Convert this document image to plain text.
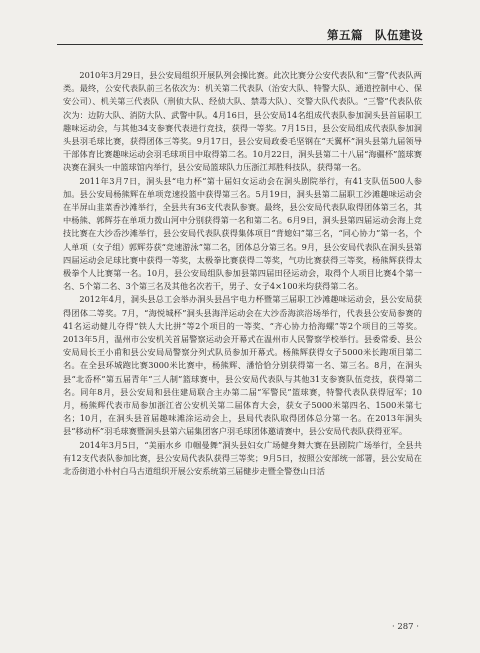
第五篇  队伍建设

2010年3月29日，县公安局组织开展队列会操比赛。此次比赛分公安代表队和“三警”代表队两类。最终，公安代表队前三名依次为：机关第二代表队（治安大队、特警大队、通道控制中心、保安公司）、机关第三代表队（刑侦大队、经侦大队、禁毒大队）、交警大队代表队。“三警”代表队依次为：边防大队、消防大队、武警中队。4月16日，县公安局14名组成代表队参加洞头县首届职工趣味运动会，与其他34支参赛代表进行竞技，获得一等奖。7月15日，县公安局组成代表队参加洞头县羽毛球比赛，获得团体三等奖。9月17日，县公安局政委毛坚钢在“天翼杯”洞头县第九届领导干部体育比赛趣味运动会羽毛球项目中取得第二名。10月22日，洞头县第二十八届“海疆杯”篮球赛决赛在洞头一中篮球馆内举行，县公安局篮球队力压浙江邦胜科技队，获得第一名。

2011年3月7日，洞头县“电力杯”第十届妇女运动会在洞头剧院举行，有41支队伍500人参加。县公安局杨熊辉在单项竞速投篮中获得第三名。5月19日，洞头县第二届职工沙滩趣味运动会在半屏山韭菜香沙滩举行，全县共有36支代表队参赛。最终，县公安局代表队取得团体第三名，其中杨熊、郭辉芬在单项力拨山河中分别获得第一名和第二名。6月9日，洞头县第四届运动会海上竞技比赛在大沙岙沙滩举行，县公安局代表队获得集体项目“背媳妇”第三名，“同心协力”第一名，个人单项（女子组）郭辉芬获“竞速游泳”第二名，团体总分第三名。9月，县公安局代表队在洞头县第四届运动会足球比赛中获得一等奖，太极拳比赛获得二等奖，气功比赛获得三等奖，杨熊辉获得太极拳个人比赛第一名。10月，县公安局组队参加县第四届田径运动会，取得个人项目比赛4个第一名、5个第二名、3个第三名及其他名次若干，男子、女子4×100米均获得第二名。

2012年4月，洞头县总工会举办洞头县昌宇电力杯暨第三届职工沙滩趣味运动会，县公安局获得团体二等奖。7月，“海悦城杯”洞头县海洋运动会在大沙岙海滨浴场举行，代表县公安局参赛的41名运动健儿夺得“铁人大比拼”等2个项目的一等奖、“齐心协力拾海螺”等2个项目的三等奖。2013年5月，温州市公安机关首届警察运动会开幕式在温州市人民警察学校举行。县委常委、县公安局局长王小甫和县公安局局警察分列式队员参加开幕式。杨熊辉获得女子5000米长跑项目第二名。在全县环城跑比赛3000米比赛中，杨熊辉、潘恰恰分别获得第一名、第三名。8月，在洞头县“北岙杯”第五届青年“三人制”篮球赛中，县公安局代表队与其他31支参赛队伍竞技，获得第二名。同年8月，县公安局和县住建局联合主办第二届“军警民”篮球赛，特警代表队获得冠军；10月，杨熊辉代表市局参加浙江省公安机关第二届体育大会，获女子5000米第四名、1500米第七名；10月，在洞头县首届趣味滩涂运动会上，县局代表队取得团体总分第一名。在2013年洞头县“移动杯”羽毛球赛暨洞头县第六届集团客户羽毛球团体邀请赛中，县公安局代表队获得亚军。

2014年3月5日，“美丽水乡 巾帼曼舞”洞头县妇女广场健身舞大赛在县剧院广场举行，全县共有12支代表队参加比赛，县公安局代表队获得三等奖；9月5日，按照公安部统一部署，县公安局在北岙街道小朴村白马古道组织开展公安系统第三届健步走暨全警登山日活

· 287 ·
